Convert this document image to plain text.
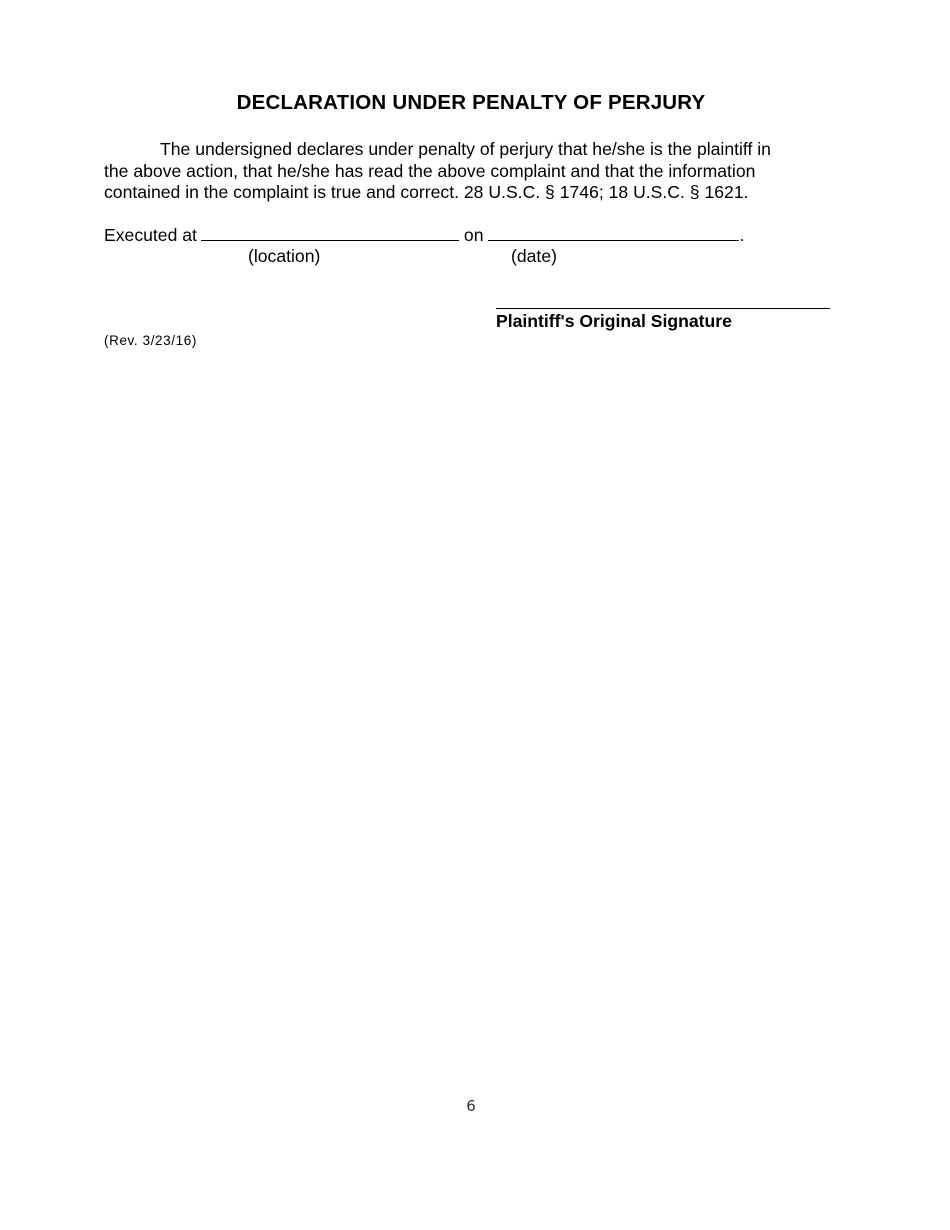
DECLARATION UNDER PENALTY OF PERJURY
The undersigned declares under penalty of perjury that he/she is the plaintiff in
the above action, that he/she has read the above complaint and that the information
contained in the complaint is true and correct. 28 U.S.C. § 1746; 18 U.S.C. § 1621.
Executed at	on	.
(location)	(date)
Plaintiff's Original Signature
(Rev. 3/23/16)
6
